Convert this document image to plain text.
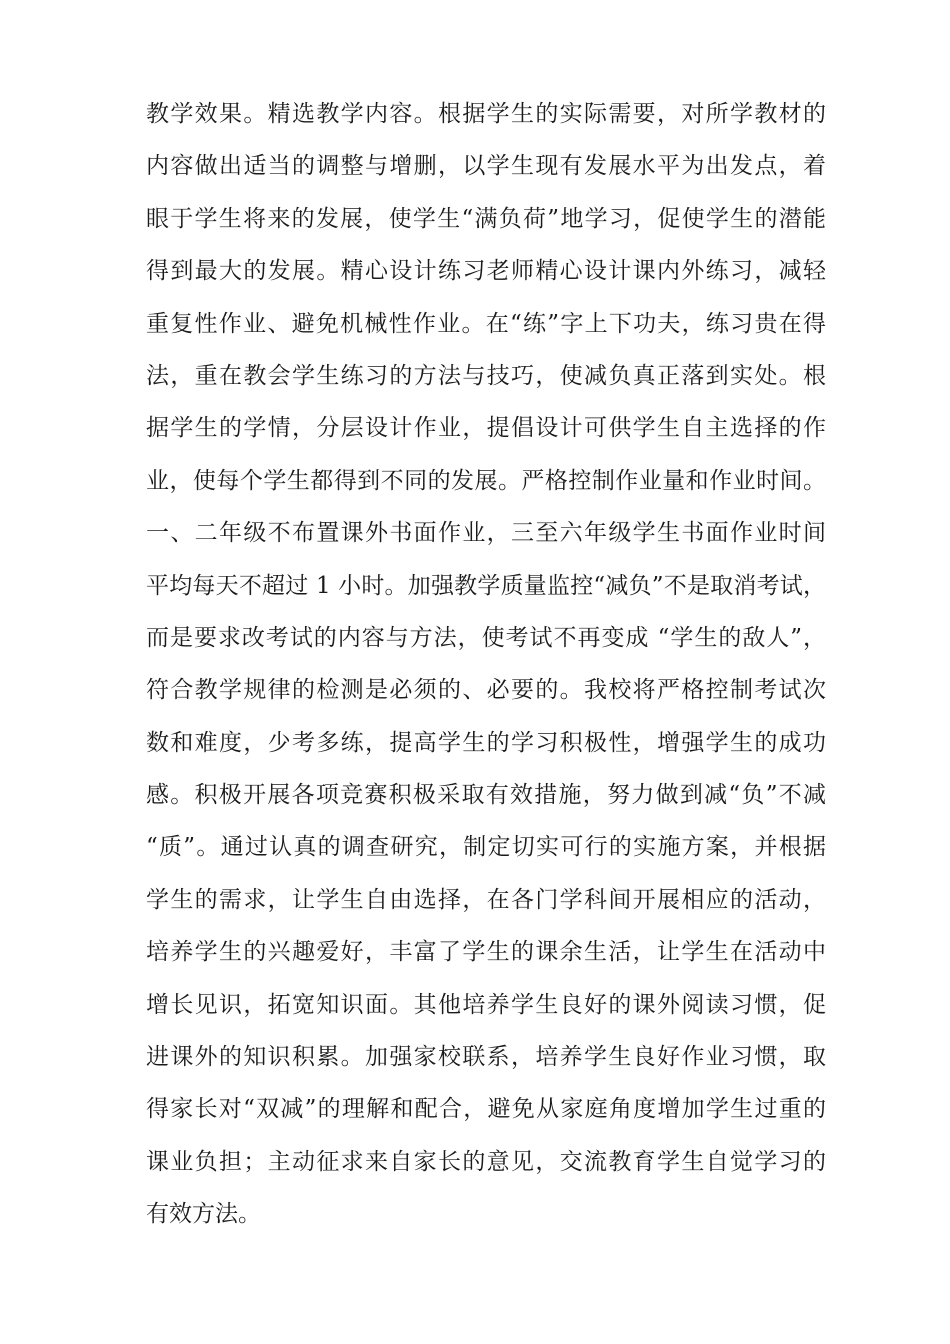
教学效果。精选教学内容。根据学生的实际需要，对所学教材的
内容做出适当的调整与增删，以学生现有发展水平为出发点，着
眼于学生将来的发展，使学生“满负荷”地学习，促使学生的潜能
得到最大的发展。精心设计练习老师精心设计课内外练习，减轻
重复性作业、避免机械性作业。在“练”字上下功夫，练习贵在得
法，重在教会学生练习的方法与技巧，使减负真正落到实处。根
据学生的学情，分层设计作业，提倡设计可供学生自主选择的作
业，使每个学生都得到不同的发展。严格控制作业量和作业时间。
一、二年级不布置课外书面作业，三至六年级学生书面作业时间
平均每天不超过 1 小时。加强教学质量监控“减负”不是取消考试，
而是要求改考试的内容与方法，使考试不再变成 “学生的敌人”，
符合教学规律的检测是必须的、必要的。我校将严格控制考试次
数和难度，少考多练，提高学生的学习积极性，增强学生的成功
感。积极开展各项竞赛积极采取有效措施，努力做到减“负”不减
“质”。通过认真的调查研究，制定切实可行的实施方案，并根据
学生的需求，让学生自由选择，在各门学科间开展相应的活动，
培养学生的兴趣爱好，丰富了学生的课余生活，让学生在活动中
增长见识，拓宽知识面。其他培养学生良好的课外阅读习惯，促
进课外的知识积累。加强家校联系，培养学生良好作业习惯，取
得家长对“双减”的理解和配合，避免从家庭角度增加学生过重的
课业负担；主动征求来自家长的意见，交流教育学生自觉学习的
有效方法。
